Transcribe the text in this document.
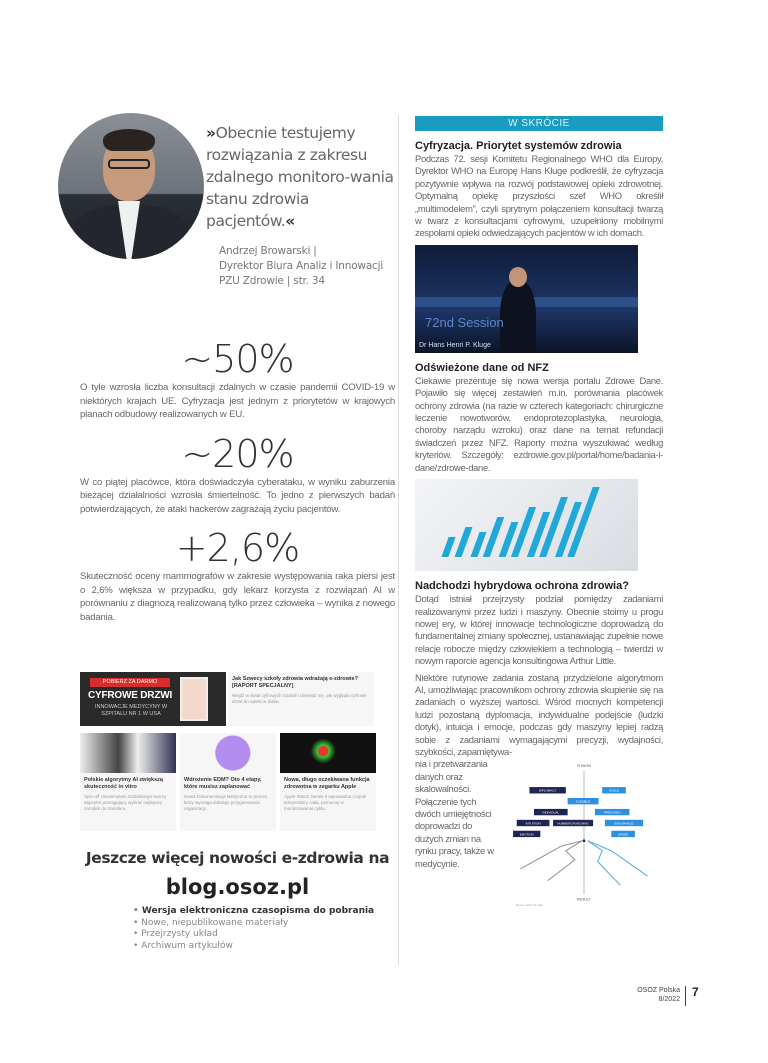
»Obecnie testujemy rozwiązania z zakresu zdalnego monitoro-wania stanu zdrowia pacjentów.«
Andrzej Browarski |
Dyrektor Biura Analiz i Innowacji
PZU Zdrowie | str. 34
~50%
O tyle wzrosła liczba konsultacji zdalnych w czasie pandemii COVID-19 w niektórych krajach UE. Cyfryzacja jest jednym z priorytetów w krajowych planach odbudowy realizowanych w EU.
~20%
W co piątej placówce, która doświadczyła cyberataku, w wyniku zaburzenia bieżącej działalności wzrosła śmiertelność. To jedno z pierwszych badań potwierdzających, że ataki hackerów zagrażają życiu pacjentów.
+2,6%
Skuteczność oceny mammografów w zakresie występowania raka piersi jest o 2,6% większa w przypadku, gdy lekarz korzysta z rozwiązań AI w porównaniu z diagnozą realizowaną tylko przez człowieka – wynika z nowego badania.
POBIERZ ZA DARMO
CYFROWE DRZWI
INNOWACJE MEDYCYNY W SZPITALU NR 1 W USA
Jak Szwecy szkoły zdrowia wdrażają e-zdrowie? [RAPORT SPECJALNY]
Wejdź w świat cyfrowych szpitali i dowiedz się, jak wygląda cyfrowe drzwi do opieki w dobie.
Polskie algorytmy AI zwiększą skuteczność in vitro
Spin-off Uniwersytetu Gdańskiego tworzy algorytm pomagający wybrać najlepszy zarodek do transferu.
Wdrożenie EDM? Oto 4 etapy, które musisz zaplanować
Nowa Dokumentacja Medyczna to proces, który wymaga dobrego przygotowania organizacji.
Nowa, długo oczekiwana funkcja zdrowotna w zegarku Apple
Apple Watch Series 8 wprowadza czujnik temperatury ciała, pomocny w monitorowaniu cyklu.
Jeszcze więcej nowości e-zdrowia na
blog.osoz.pl
• Wersja elektroniczna czasopisma do pobrania
• Nowe, niepublikowane materiały
• Przejrzysty układ
• Archiwum artykułów
W SKRÓCIE
Cyfryzacja. Priorytet systemów zdrowia
Podczas 72. sesji Komitetu Regionalnego WHO dla Europy, Dyrektor WHO na Europę Hans Kluge podkreślił, że cyfryzacja pozytywnie wpływa na rozwój podstawowej opieki zdrowotnej. Optymalną opiekę przyszłości szef WHO określił „multimodelem”, czyli sprytnym połączeniem konsultacji twarzą w twarz z konsultacjami cyfrowymi, uzupełniony mobilnymi zespołami opieki odwiedzających pacjentów w ich domach.
72nd Session
Dr Hans Henri P. Kluge
Odświeżone dane od NFZ
Ciekawie prezentuje się nowa wersja portalu Zdrowe Dane. Pojawiło się więcej zestawień m.in. porównania placówek ochrony zdrowia (na razie w czterech kategoriach: chirurgiczne leczenie nowotworów, endoprotezoplastyka, neurologia, choroby narządu wzroku) oraz dane na temat refundacji świadczeń przez NFZ. Raporty można wyszukiwać według kryteriów. Szczegóły: ezdrowie.gov.pl/portal/home/badania-i-dane/zdrowe-dane.
Nadchodzi hybrydowa ochrona zdrowia?
Dotąd istniał przejrzysty podział pomiędzy zadaniami realizowanymi przez ludzi i maszyny. Obecnie stoimy u progu nowej ery, w której innowacje technologiczne doprowadzą do fundamentalnej zmiany społecznej, ustanawiając zupełnie nowe relacje robocze między człowiekiem a technologią – twierdzi w nowym raporcie agencja konsultingowa Arthur Little.
Niektóre rutynowe zadania zostaną przydzielone algorytmom AI, umożliwiając pracownikom ochrony zdrowia skupienie się na zadaniach o wyższej wartości. Wśród mocnych kompetencji ludzi pozostaną dyplomacja, indywidualne podejście (ludzki dotyk), intuicja i emocje, podczas gdy maszyny lepiej radzą sobie z zadaniami wymagającymi precyzji, wydajności, szybkości, zapamiętywa-
nia i przetwarzania danych oraz skalowalności. Połączenie tych dwóch umiejętności doprowadzi do dużych zmian na rynku pracy, także w medycynie.
FUSION
RESULT
DIPLOMACY
INDIVIDUAL
INTUITION
EMOTION
FLEXIBLE
NUMBERCRUNCHING
SCALE
PRECISION
ENDURANCE
SPEED
Source: Arthur D. Little
OSOZ Polska
8/2022
7
